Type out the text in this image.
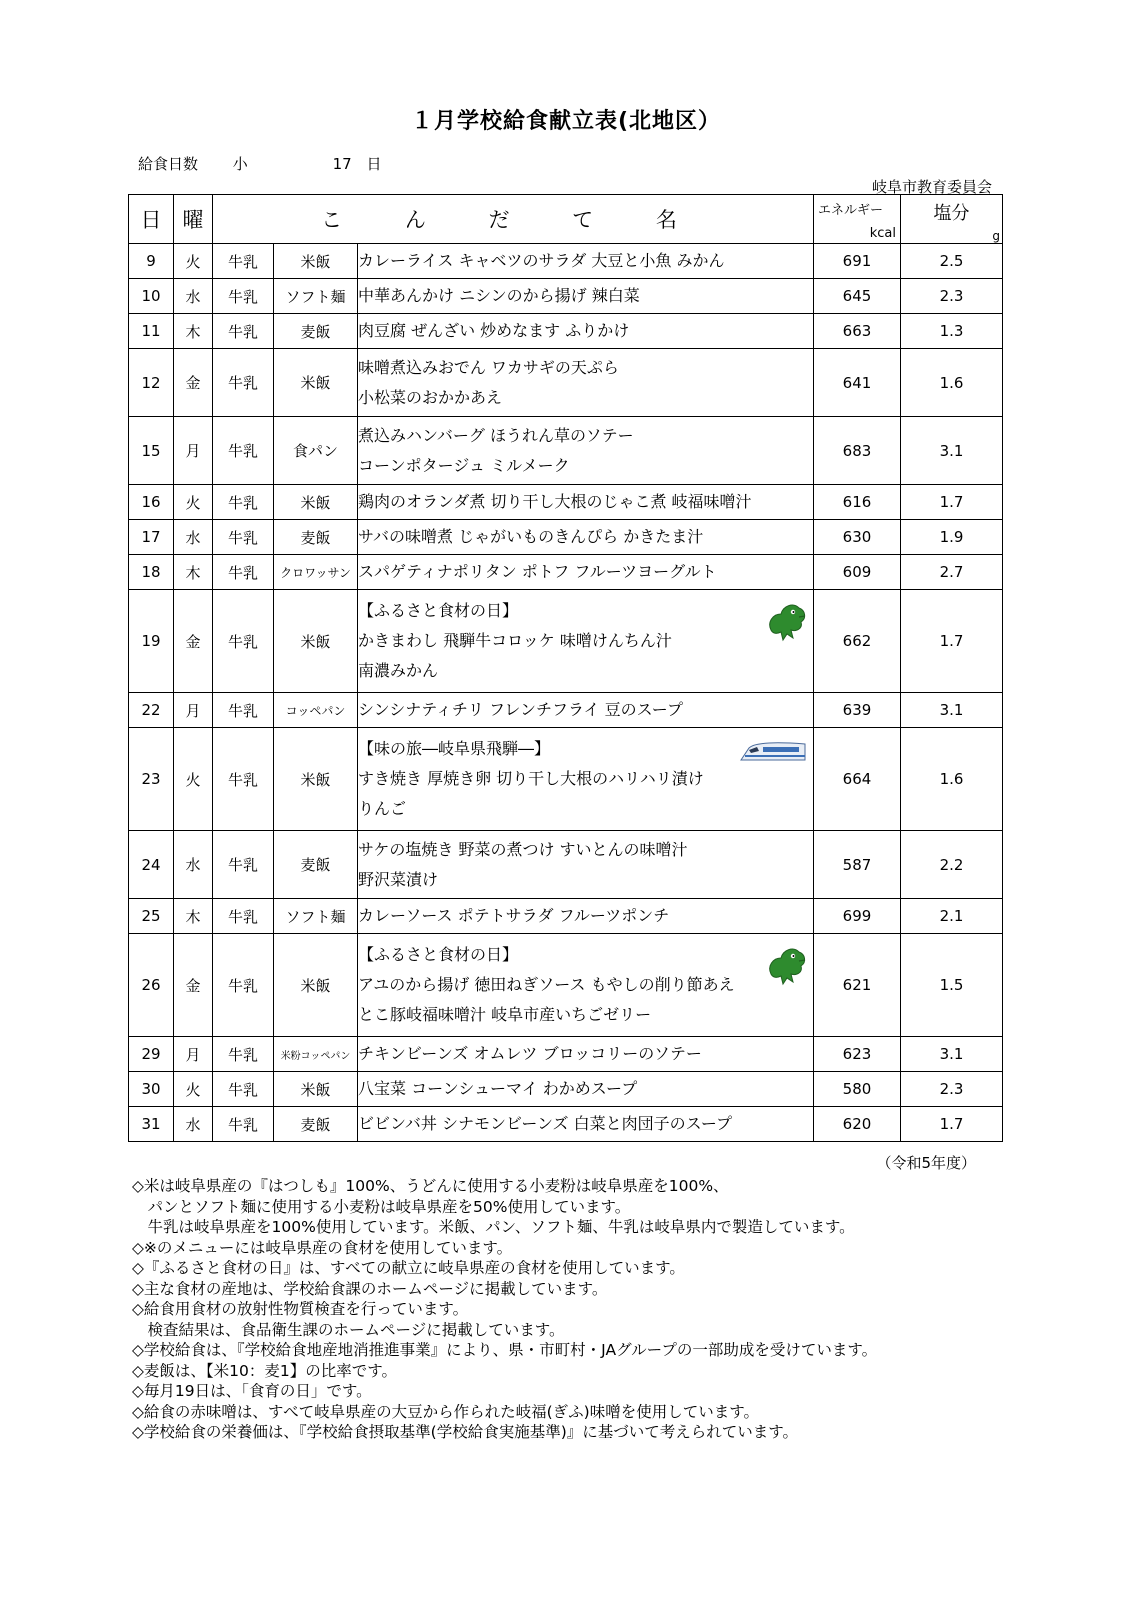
１月学校給食献立表(北地区）
給食日数 小	17 日
岐阜市教育委員会
日	曜	こ ん だ て 名			エネルギー
kcal	塩分
g

9	火	牛乳	米飯	カレーライス キャベツのサラダ 大豆と小魚 みかん	691	2.5
10	水	牛乳	ソフト麺	中華あんかけ ニシンのから揚げ 辣白菜	645	2.3
11	木	牛乳	麦飯	肉豆腐 ぜんざい 炒めなます ふりかけ	663	1.3
12	金	牛乳	米飯	味噌煮込みおでん ワカサギの天ぷら
小松菜のおかかあえ	641	1.6
15	月	牛乳	食パン	煮込みハンバーグ ほうれん草のソテー
コーンポタージュ ミルメーク	683	3.1
16	火	牛乳	米飯	鶏肉のオランダ煮 切り干し大根のじゃこ煮 岐福味噌汁	616	1.7
17	水	牛乳	麦飯	サバの味噌煮 じゃがいものきんぴら かきたま汁	630	1.9
18	木	牛乳	クロワッサン	スパゲティナポリタン ポトフ フルーツヨーグルト	609	2.7
19	金	牛乳	米飯	【ふるさと食材の日】
かきまわし 飛騨牛コロッケ 味噌けんちん汁
南濃みかん	662	1.7
22	月	牛乳	コッペパン	シンシナティチリ フレンチフライ 豆のスープ	639	3.1
23	火	牛乳	米飯	【味の旅―岐阜県飛騨―】
すき焼き 厚焼き卵 切り干し大根のハリハリ漬け
りんご	664	1.6
24	水	牛乳	麦飯	サケの塩焼き 野菜の煮つけ すいとんの味噌汁
野沢菜漬け	587	2.2
25	木	牛乳	ソフト麺	カレーソース ポテトサラダ フルーツポンチ	699	2.1
26	金	牛乳	米飯	【ふるさと食材の日】
アユのから揚げ 徳田ねぎソース もやしの削り節あえ
とこ豚岐福味噌汁 岐阜市産いちごゼリー	621	1.5
29	月	牛乳	米粉コッペパン	チキンビーンズ オムレツ ブロッコリーのソテー	623	3.1
30	火	牛乳	米飯	八宝菜 コーンシューマイ わかめスープ	580	2.3
31	水	牛乳	麦飯	ビビンバ丼 シナモンビーンズ 白菜と肉団子のスープ	620	1.7
（令和5年度）
◇米は岐阜県産の『はつしも』100%、うどんに使用する小麦粉は岐阜県産を100%、
　パンとソフト麺に使用する小麦粉は岐阜県産を50%使用しています。
　牛乳は岐阜県産を100%使用しています。米飯、パン、ソフト麺、牛乳は岐阜県内で製造しています。
◇※のメニューには岐阜県産の食材を使用しています。
◇『ふるさと食材の日』は、すべての献立に岐阜県産の食材を使用しています。
◇主な食材の産地は、学校給食課のホームページに掲載しています。
◇給食用食材の放射性物質検査を行っています。
　検査結果は、食品衛生課のホームページに掲載しています。
◇学校給食は、『学校給食地産地消推進事業』により、県・市町村・JAグループの一部助成を受けています。
◇麦飯は、【米10：麦1】の比率です。
◇毎月19日は、「食育の日」です。
◇給食の赤味噌は、すべて岐阜県産の大豆から作られた岐福(ぎふ)味噌を使用しています。
◇学校給食の栄養価は、『学校給食摂取基準(学校給食実施基準)』に基づいて考えられています。
